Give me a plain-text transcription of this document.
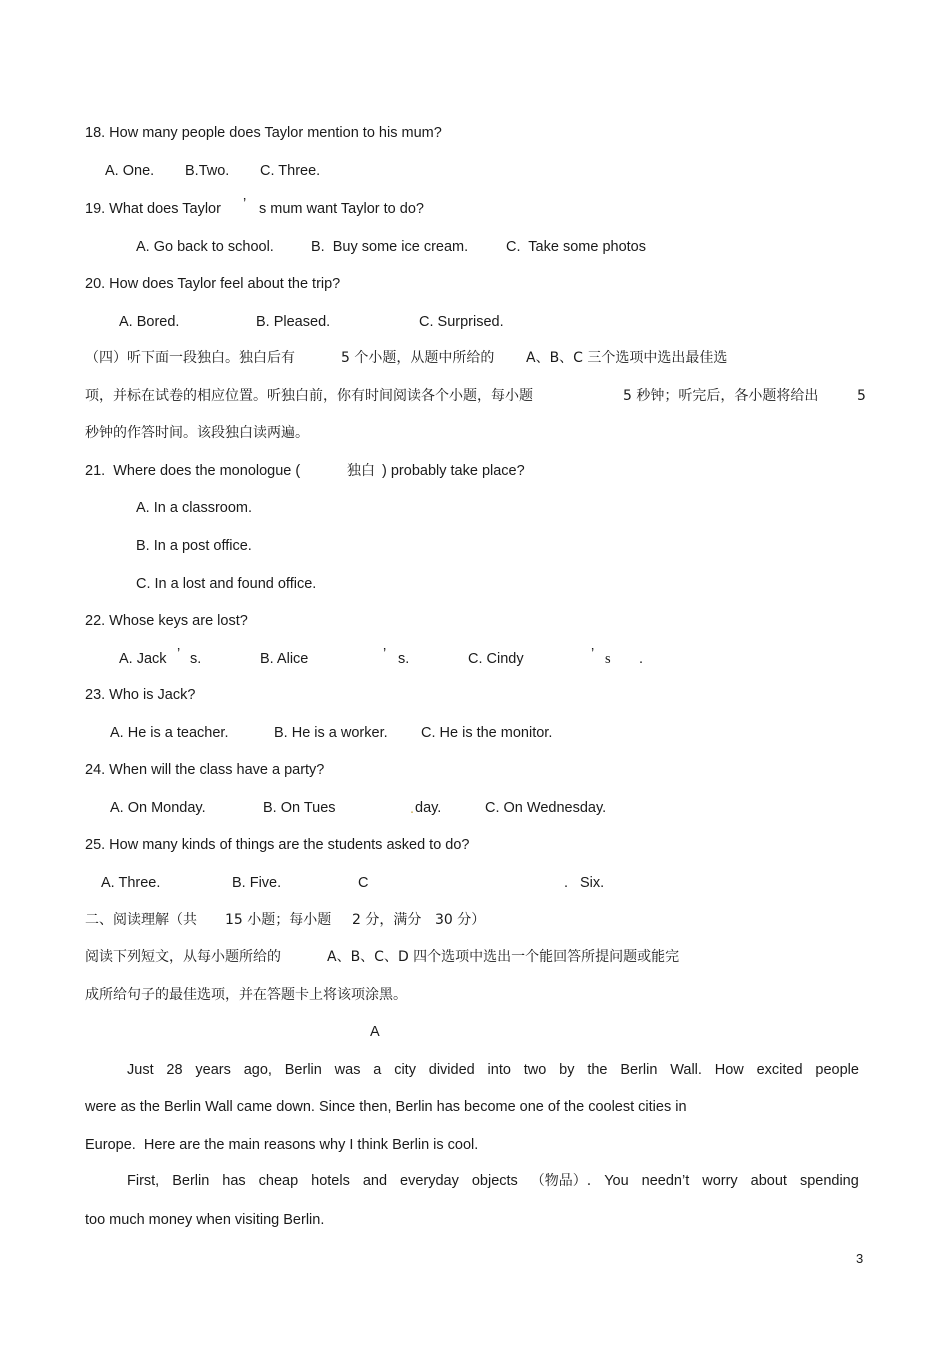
18. How many people does Taylor mention to his mum?
A. One. B.Two. C. Three.
19. What does Taylor ’ s mum want Taylor to do?
A. Go back to school.	B.  Buy some ice cream.	C.  Take some photos
20. How does Taylor feel about the trip?
A. Bored.	B. Pleased.	C. Surprised.
（四）听下面一段独白。独白后有	5 个小题，从题中所给的 A、B、C 三个选项中选出最佳选
项，并标在试卷的相应位置。听独白前，你有时间阅读各个小题，每小题	5 秒钟；听完后，各小题将给出	5
秒钟的作答时间。该段独白读两遍。
21.  Where does the monologue (	独白 ) probably take place?
A. In a classroom.
B. In a post office.
C. In a lost and found office.
22. Whose keys are lost?
A. Jack ’ s.	B. Alice	’ s.	C. Cindy	’ s .
23. Who is Jack?
A. He is a teacher.	B. He is a worker. C. He is the monitor.
24. When will the class have a party?
A. On Monday.	B. On Tues	. day.	C. On Wednesday.
25. How many kinds of things are the students asked to do?
A. Three.	B. Five.	C	. Six.
二、阅读理解（共 15 小题；每小题 2 分，满分 30 分）
阅读下列短文，从每小题所给的	A、B、C、D 四个选项中选出一个能回答所提问题或能完
成所给句子的最佳选项，并在答题卡上将该项涂黑。
A
Just 28 years ago, Berlin was a city divided into two by the Berlin Wall. How excited people
were as the Berlin Wall came down. Since then, Berlin has become one of the coolest cities in
Europe.  Here are the main reasons why I think Berlin is cool.
First, Berlin has cheap hotels and everyday objects （物品）. You needn’t worry about spending
too much money when visiting Berlin.
3
